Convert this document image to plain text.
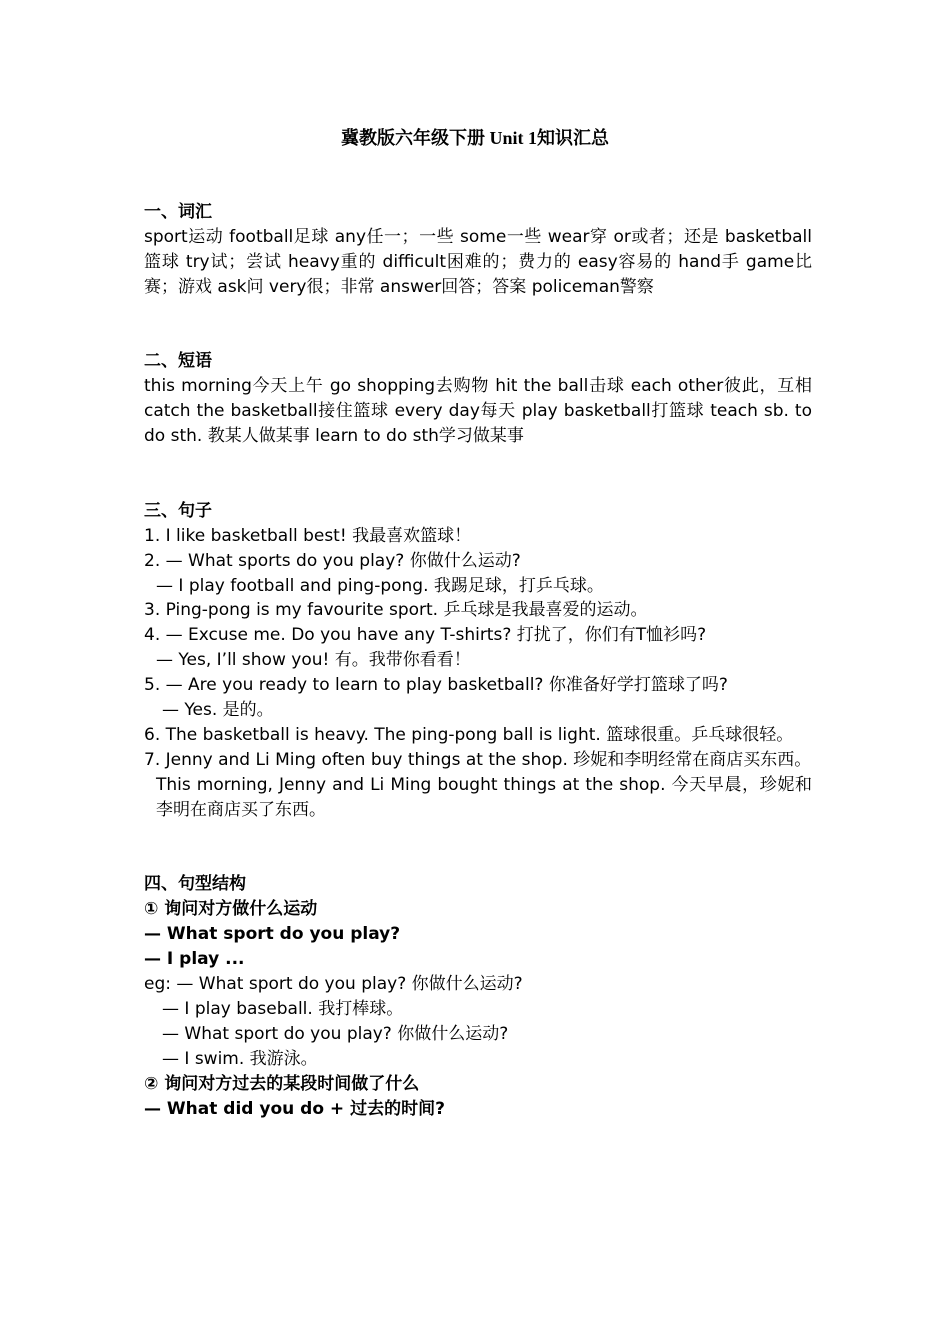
冀教版六年级下册 Unit 1知识汇总
一、词汇
sport运动 football足球 any任一；一些 some一些 wear穿 or或者；还是 basketball篮球 try试；尝试 heavy重的 difficult困难的；费力的 easy容易的 hand手 game比赛；游戏 ask问 very很；非常 answer回答；答案 policeman警察
二、短语
this morning今天上午 go shopping去购物 hit the ball击球 each other彼此，互相 catch the basketball接住篮球 every day每天 play basketball打篮球 teach sb. to do sth. 教某人做某事 learn to do sth学习做某事
三、句子
1. I like basketball best! 我最喜欢篮球！
2. — What sports do you play? 你做什么运动?
— I play football and ping-pong. 我踢足球，打乒乓球。
3. Ping-pong is my favourite sport. 乒乓球是我最喜爱的运动。
4. — Excuse me. Do you have any T-shirts? 打扰了，你们有T恤衫吗?
— Yes, I’ll show you! 有。我带你看看！
5. — Are you ready to learn to play basketball? 你准备好学打篮球了吗?
— Yes. 是的。
6. The basketball is heavy. The ping-pong ball is light. 篮球很重。乒乓球很轻。
7. Jenny and Li Ming often buy things at the shop. 珍妮和李明经常在商店买东西。
This morning, Jenny and Li Ming bought things at the shop. 今天早晨，珍妮和李明在商店买了东西。
四、句型结构
① 询问对方做什么运动
— What sport do you play?
— I play ...
eg: — What sport do you play? 你做什么运动?
— I play baseball. 我打棒球。
— What sport do you play? 你做什么运动?
— I swim. 我游泳。
② 询问对方过去的某段时间做了什么
— What did you do + 过去的时间?
